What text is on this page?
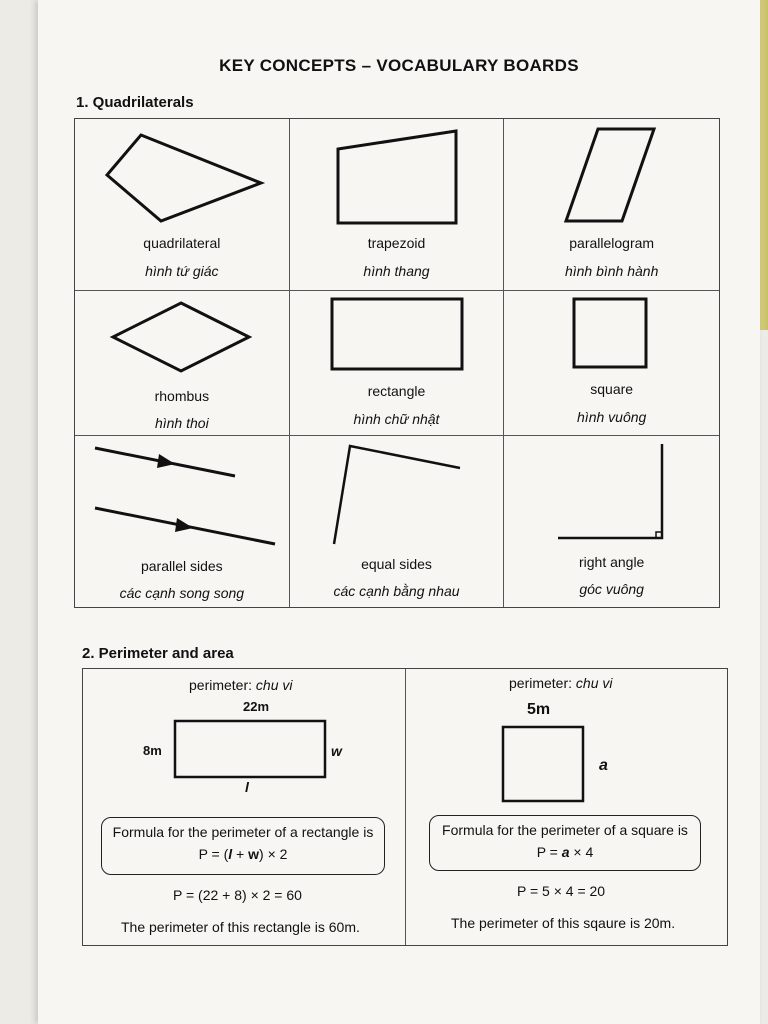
KEY CONCEPTS – VOCABULARY BOARDS
1. Quadrilaterals
quadrilateral
hình tứ giác
trapezoid
hình thang
parallelogram
hình bình hành
rhombus
hình thoi
rectangle
hình chữ nhật
square
hình vuông
parallel sides
các cạnh song song
equal sides
các cạnh bằng nhau
right angle
góc vuông
2. Perimeter and area
perimeter: chu vi
22m
8m	w
l
Formula for the perimeter of a rectangle is
P = (l + w) × 2
P = (22 + 8) × 2 = 60
The perimeter of this rectangle is 60m.
perimeter: chu vi
5m
a
Formula for the perimeter of a square is
P = a × 4
P = 5 × 4 = 20
The perimeter of this sqaure is 20m.
